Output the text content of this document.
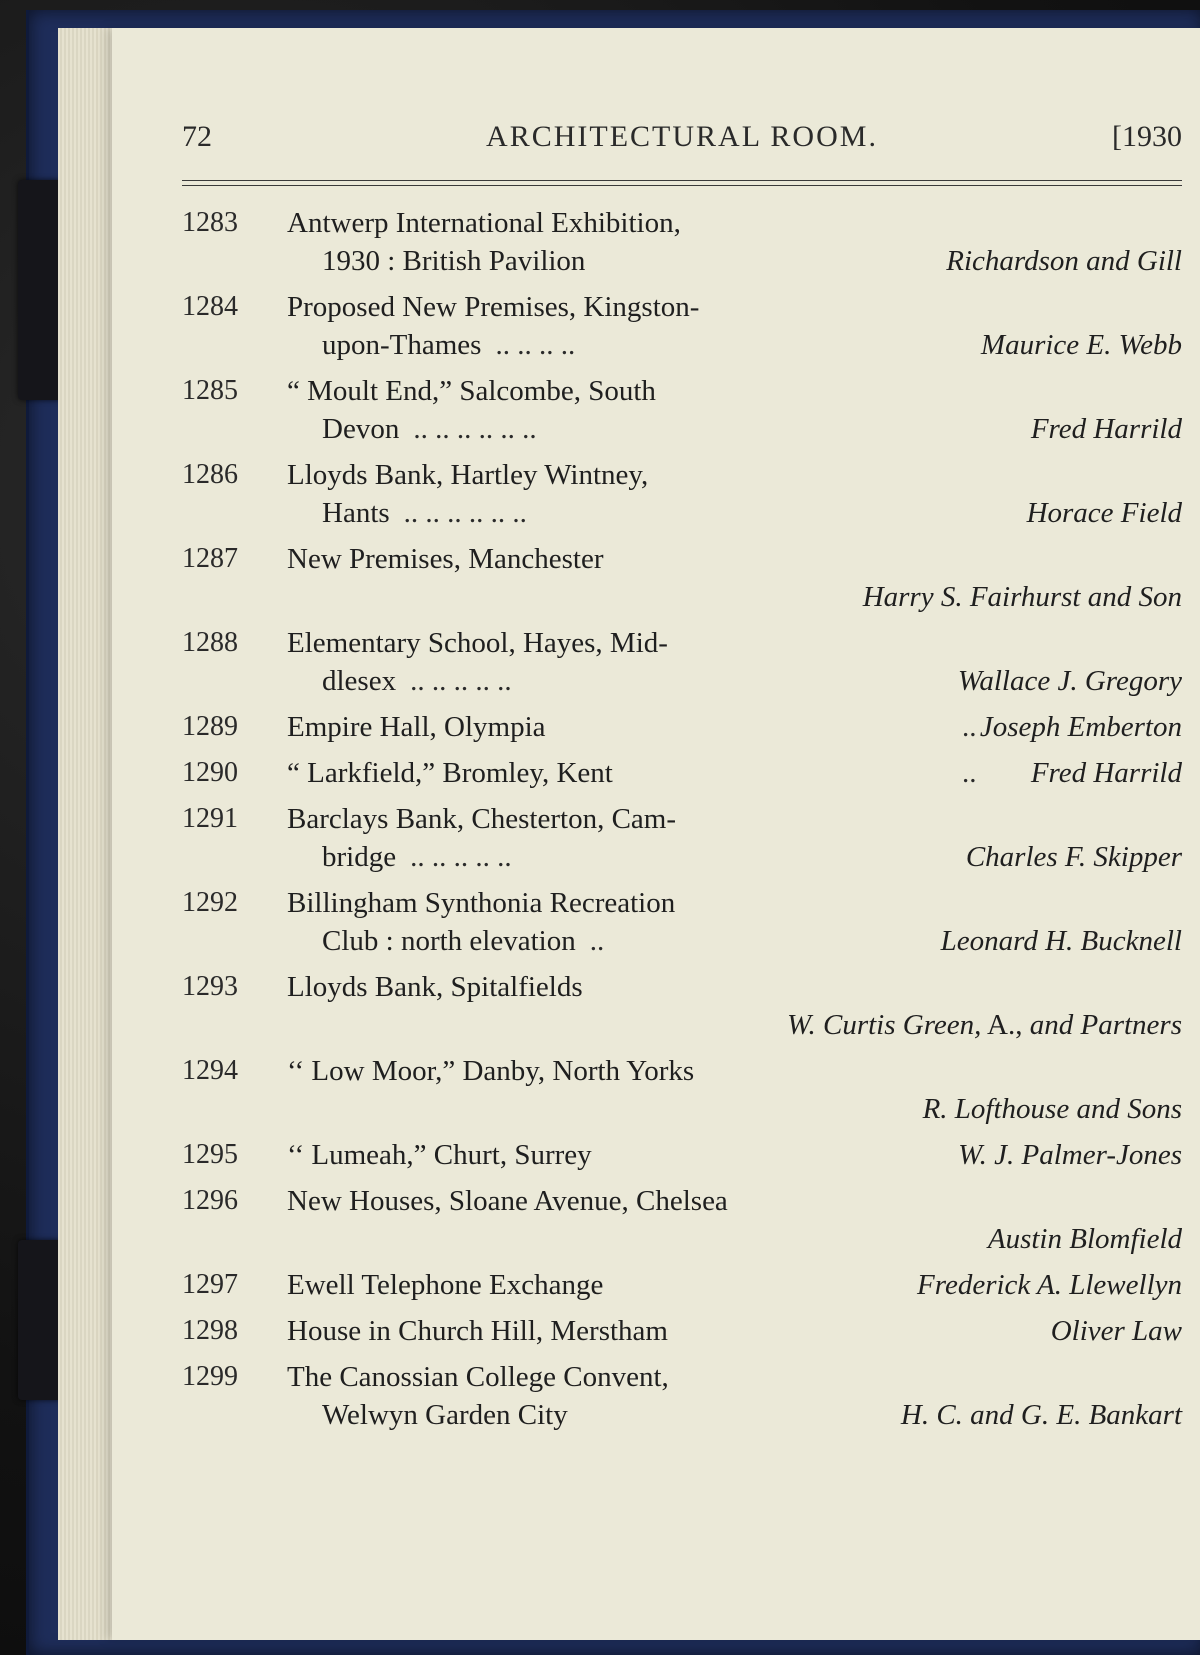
72	ARCHITECTURAL ROOM.	[1930
1283 Antwerp International Exhibition,
1930 : British Pavilion	Richardson and Gill
1284 Proposed New Premises, Kingston-
upon-Thames .. .. .. ..	Maurice E. Webb
1285 “ Moult End,” Salcombe, South
Devon .. .. .. .. .. ..	Fred Harrild
1286 Lloyds Bank, Hartley Wintney,
Hants .. .. .. .. .. ..	Horace Field
1287 New Premises, Manchester
Harry S. Fairhurst and Son
1288 Elementary School, Hayes, Mid-
dlesex .. .. .. .. ..	Wallace J. Gregory
1289 Empire Hall, Olympia	.. Joseph Emberton
1290 “ Larkfield,” Bromley, Kent	.. Fred Harrild
1291 Barclays Bank, Chesterton, Cam-
bridge .. .. .. .. ..	Charles F. Skipper
1292 Billingham Synthonia Recreation
Club : north elevation ..	Leonard H. Bucknell
1293 Lloyds Bank, Spitalfields
W. Curtis Green, A., and Partners
1294 ‘‘ Low Moor,” Danby, North Yorks
R. Lofthouse and Sons
1295 ‘‘ Lumeah,” Churt, Surrey	W. J. Palmer-Jones
1296 New Houses, Sloane Avenue, Chelsea
Austin Blomfield
1297 Ewell Telephone Exchange	Frederick A. Llewellyn
1298 House in Church Hill, Merstham	Oliver Law
1299 The Canossian College Convent,
Welwyn Garden City	H. C. and G. E. Bankart
